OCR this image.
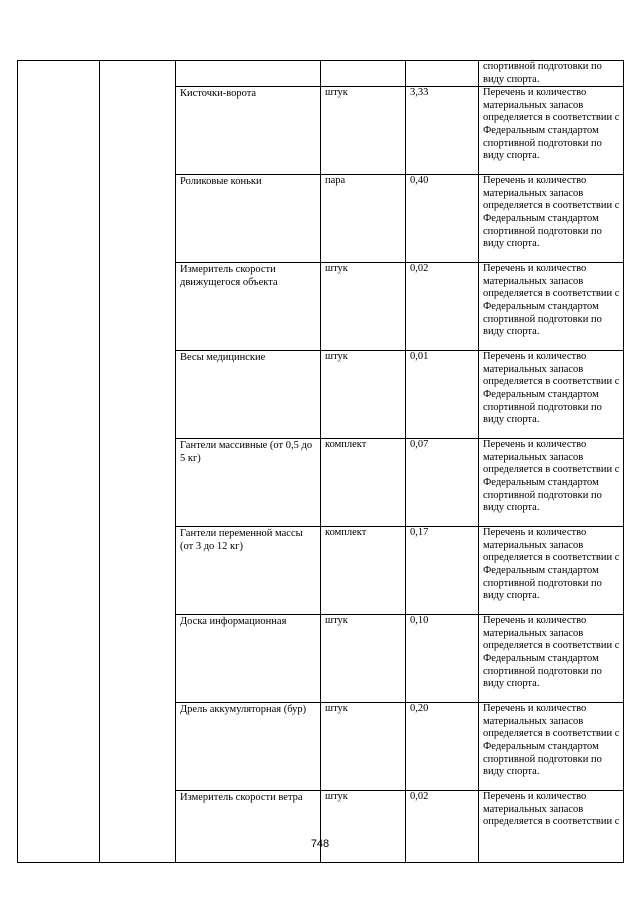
					спортивной подготовки по виду спорта.
		Кисточки-ворота	штук	3,33	Перечень и количество материальных запасов определяется в соответствии с Федеральным стандартом спортивной подготовки по виду спорта.
		Роликовые коньки	пара	0,40	Перечень и количество материальных запасов определяется в соответствии с Федеральным стандартом спортивной подготовки по виду спорта.
		Измеритель скорости движущегося объекта	штук	0,02	Перечень и количество материальных запасов определяется в соответствии с Федеральным стандартом спортивной подготовки по виду спорта.
		Весы медицинские	штук	0,01	Перечень и количество материальных запасов определяется в соответствии с Федеральным стандартом спортивной подготовки по виду спорта.
		Гантели массивные (от 0,5 до 5 кг)	комплект	0,07	Перечень и количество материальных запасов определяется в соответствии с Федеральным стандартом спортивной подготовки по виду спорта.
		Гантели переменной массы (от 3 до 12 кг)	комплект	0,17	Перечень и количество материальных запасов определяется в соответствии с Федеральным стандартом спортивной подготовки по виду спорта.
		Доска информационная	штук	0,10	Перечень и количество материальных запасов определяется в соответствии с Федеральным стандартом спортивной подготовки по виду спорта.
		Дрель аккумуляторная (бур)	штук	0,20	Перечень и количество материальных запасов определяется в соответствии с Федеральным стандартом спортивной подготовки по виду спорта.
		Измеритель скорости ветра	штук	0,02	Перечень и количество материальных запасов определяется в соответствии с
748
